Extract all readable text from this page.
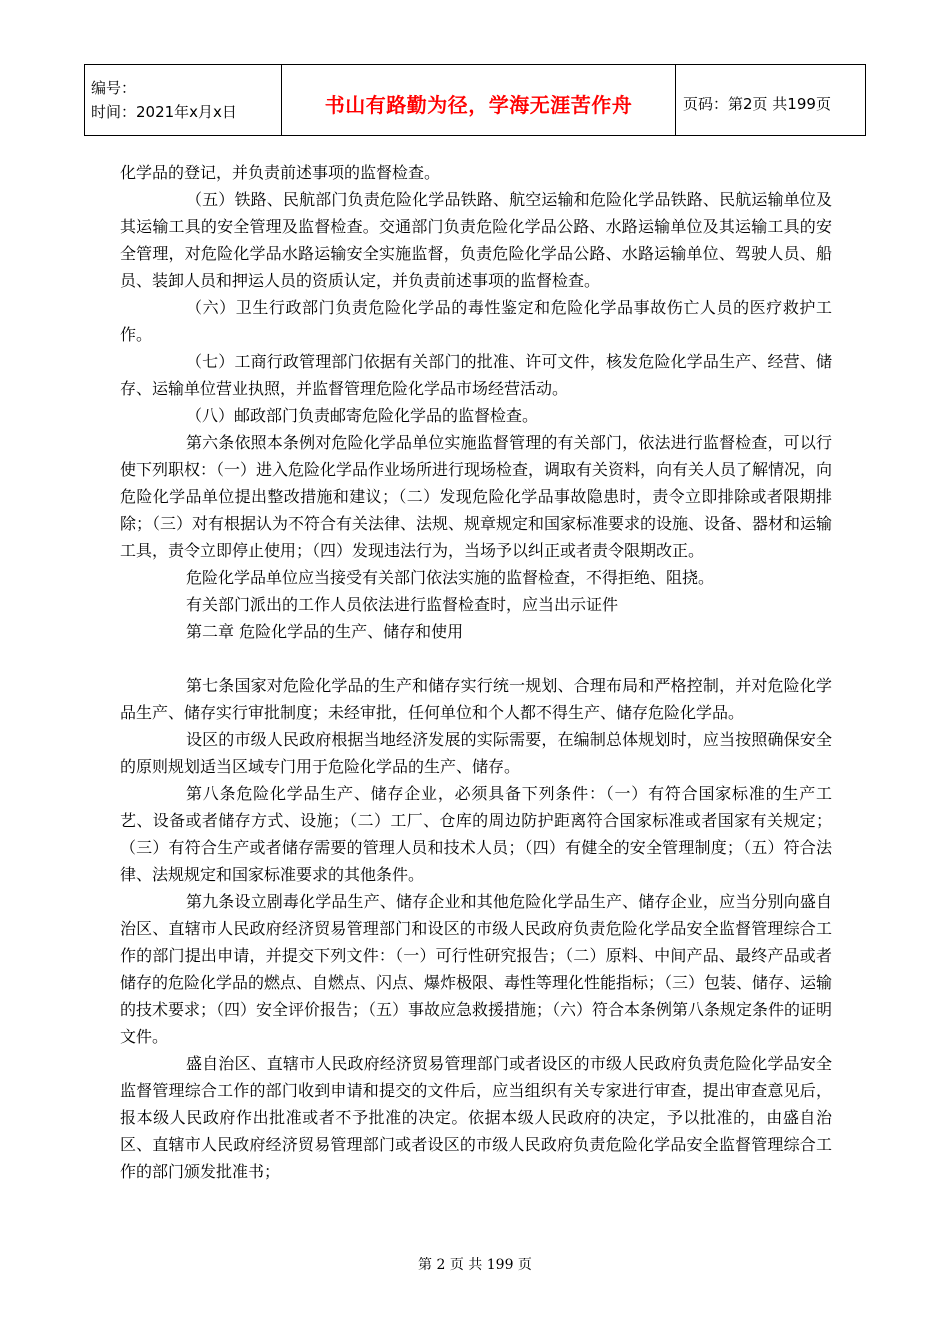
编号：
时间：2021年x月x日	书山有路勤为径，学海无涯苦作舟	页码：第2页 共199页

化学品的登记，并负责前述事项的监督检查。

（五）铁路、民航部门负责危险化学品铁路、航空运输和危险化学品铁路、民航运输单位及其运输工具的安全管理及监督检查。交通部门负责危险化学品公路、水路运输单位及其运输工具的安全管理，对危险化学品水路运输安全实施监督，负责危险化学品公路、水路运输单位、驾驶人员、船员、装卸人员和押运人员的资质认定，并负责前述事项的监督检查。

（六）卫生行政部门负责危险化学品的毒性鉴定和危险化学品事故伤亡人员的医疗救护工作。

（七）工商行政管理部门依据有关部门的批准、许可文件，核发危险化学品生产、经营、储存、运输单位营业执照，并监督管理危险化学品市场经营活动。

（八）邮政部门负责邮寄危险化学品的监督检查。

第六条依照本条例对危险化学品单位实施监督管理的有关部门，依法进行监督检查，可以行使下列职权：（一）进入危险化学品作业场所进行现场检查，调取有关资料，向有关人员了解情况，向危险化学品单位提出整改措施和建议；（二）发现危险化学品事故隐患时，责令立即排除或者限期排除；（三）对有根据认为不符合有关法律、法规、规章规定和国家标准要求的设施、设备、器材和运输工具，责令立即停止使用；（四）发现违法行为，当场予以纠正或者责令限期改正。

危险化学品单位应当接受有关部门依法实施的监督检查，不得拒绝、阻挠。

有关部门派出的工作人员依法进行监督检查时，应当出示证件

第二章 危险化学品的生产、储存和使用

第七条国家对危险化学品的生产和储存实行统一规划、合理布局和严格控制，并对危险化学品生产、储存实行审批制度；未经审批，任何单位和个人都不得生产、储存危险化学品。

设区的市级人民政府根据当地经济发展的实际需要，在编制总体规划时，应当按照确保安全的原则规划适当区域专门用于危险化学品的生产、储存。

第八条危险化学品生产、储存企业，必须具备下列条件：（一）有符合国家标准的生产工艺、设备或者储存方式、设施；（二）工厂、仓库的周边防护距离符合国家标准或者国家有关规定；（三）有符合生产或者储存需要的管理人员和技术人员；（四）有健全的安全管理制度；（五）符合法律、法规规定和国家标准要求的其他条件。

第九条设立剧毒化学品生产、储存企业和其他危险化学品生产、储存企业，应当分别向盛自治区、直辖市人民政府经济贸易管理部门和设区的市级人民政府负责危险化学品安全监督管理综合工作的部门提出申请，并提交下列文件：（一）可行性研究报告；（二）原料、中间产品、最终产品或者储存的危险化学品的燃点、自燃点、闪点、爆炸极限、毒性等理化性能指标；（三）包装、储存、运输的技术要求；（四）安全评价报告；（五）事故应急救援措施；（六）符合本条例第八条规定条件的证明文件。

盛自治区、直辖市人民政府经济贸易管理部门或者设区的市级人民政府负责危险化学品安全监督管理综合工作的部门收到申请和提交的文件后，应当组织有关专家进行审查，提出审查意见后，报本级人民政府作出批准或者不予批准的决定。依据本级人民政府的决定，予以批准的，由盛自治区、直辖市人民政府经济贸易管理部门或者设区的市级人民政府负责危险化学品安全监督管理综合工作的部门颁发批准书；

第 2 页 共 199 页
